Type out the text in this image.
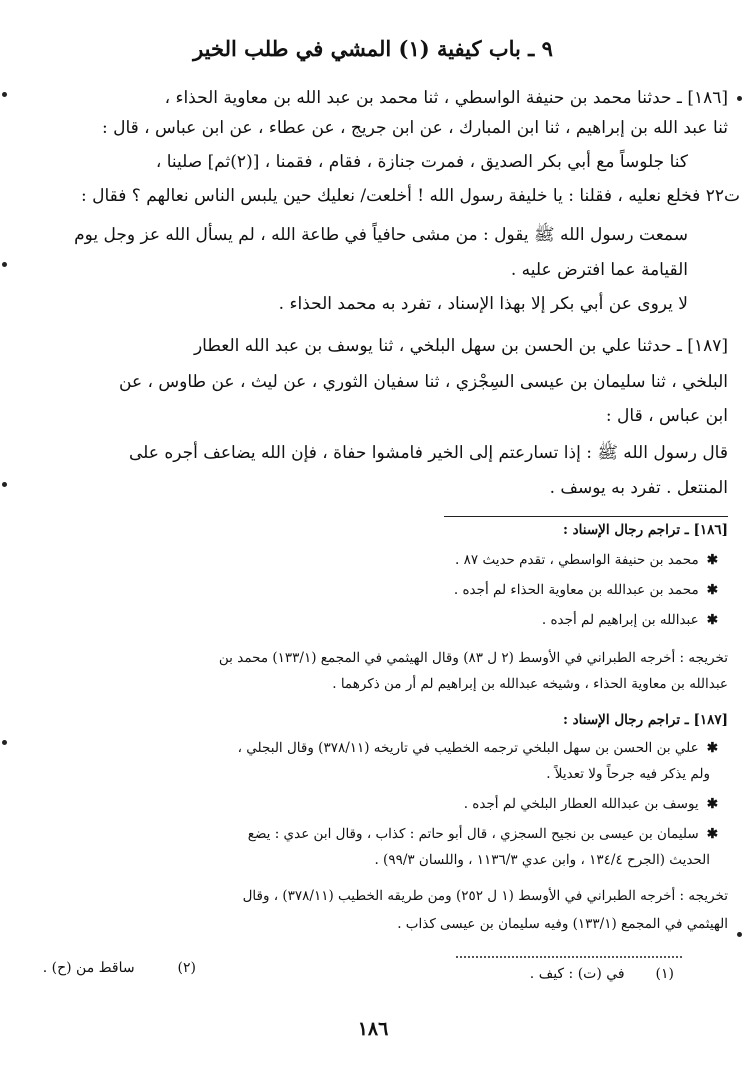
٩ ـ باب كيفية (١) المشي في طلب الخير
[١٨٦] ـ حدثنا محمد بن حنيفة الواسطي ، ثنا محمد بن عبد الله بن معاوية الحذاء ،
ثنا عبد الله بن إبراهيم ، ثنا ابن المبارك ، عن ابن جريج ، عن عطاء ، عن ابن عباس ، قال :
كنا جلوساً مع أبي بكر الصديق ، فمرت جنازة ، فقام ، فقمنا ، [(٢)ثم] صلينا ،
ت٢٢ فخلع نعليه ، فقلنا : يا خليفة رسول الله ! أخلعت/ نعليك حين يلبس الناس نعالهم ؟ فقال :
سمعت رسول الله ﷺ يقول : من مشى حافياً في طاعة الله ، لم يسأل الله عز وجل يوم
القيامة عما افترض عليه .
لا يروى عن أبي بكر إلا بهذا الإسناد ، تفرد به محمد الحذاء .
[١٨٧] ـ حدثنا علي بن الحسن بن سهل البلخي ، ثنا يوسف بن عبد الله العطار
البلخي ، ثنا سليمان بن عيسى السِجْزي ، ثنا سفيان الثوري ، عن ليث ، عن طاوس ، عن
ابن عباس ، قال :
قال رسول الله ﷺ : إذا تسارعتم إلى الخير فامشوا حفاة ، فإن الله يضاعف أجره على
المنتعل . تفرد به يوسف .
[١٨٦] ـ تراجم رجال الإسناد :
✱محمد بن حنيفة الواسطي ، تقدم حديث ٨٧ .
✱محمد بن عبدالله بن معاوية الحذاء لم أجده .
✱عبدالله بن إبراهيم لم أجده .
تخريجه : أخرجه الطبراني في الأوسط (٢ ل ٨٣) وقال الهيثمي في المجمع (١٣٣/١) محمد بن
عبدالله بن معاوية الحذاء ، وشيخه عبدالله بن إبراهيم لم أر من ذكرهما .
[١٨٧] ـ تراجم رجال الإسناد :
✱علي بن الحسن بن سهل البلخي ترجمه الخطيب في تاريخه (٣٧٨/١١) وقال البجلي ،
ولم يذكر فيه جرحاً ولا تعديلاً .
✱يوسف بن عبدالله العطار البلخي لم أجده .
✱سليمان بن عيسى بن نجيح السجزي ، قال أبو حاتم : كذاب ، وقال ابن عدي : يضع
الحديث (الجرح ١٣٤/٤ ، وابن عدي ١١٣٦/٣ ، واللسان ٩٩/٣) .
تخريجه : أخرجه الطبراني في الأوسط (١ ل ٢٥٢) ومن طريقه الخطيب (٣٧٨/١١) ، وقال
الهيثمي في المجمع (١٣٣/١) وفيه سليمان بن عيسى كذاب .
(١)  في (ت) : كيف .
(٢)  ساقط من (ح) .
١٨٦
